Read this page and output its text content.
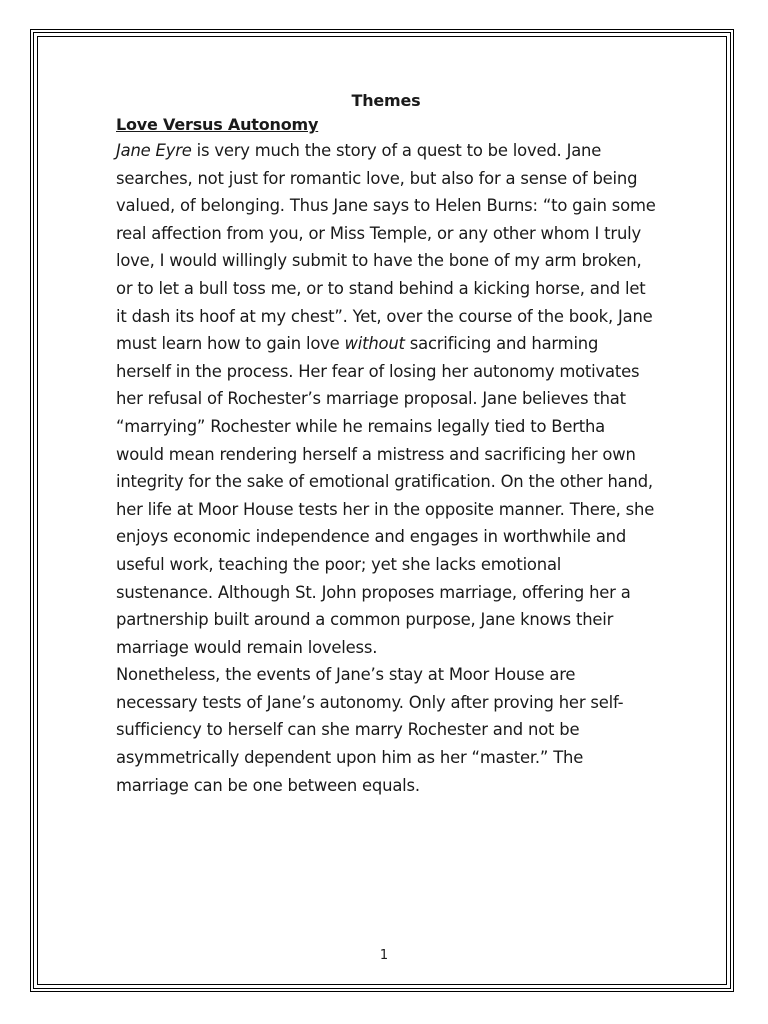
Themes

Love Versus Autonomy

Jane Eyre is very much the story of a quest to be loved. Jane searches, not just for romantic love, but also for a sense of being valued, of belonging. Thus Jane says to Helen Burns: “to gain some real affection from you, or Miss Temple, or any other whom I truly love, I would willingly submit to have the bone of my arm broken, or to let a bull toss me, or to stand behind a kicking horse, and let it dash its hoof at my chest”. Yet, over the course of the book, Jane must learn how to gain love without sacrificing and harming herself in the process. Her fear of losing her autonomy motivates her refusal of Rochester’s marriage proposal. Jane believes that “marrying” Rochester while he remains legally tied to Bertha would mean rendering herself a mistress and sacrificing her own integrity for the sake of emotional gratification. On the other hand, her life at Moor House tests her in the opposite manner. There, she enjoys economic independence and engages in worthwhile and useful work, teaching the poor; yet she lacks emotional sustenance. Although St. John proposes marriage, offering her a partnership built around a common purpose, Jane knows their marriage would remain loveless.

Nonetheless, the events of Jane’s stay at Moor House are necessary tests of Jane’s autonomy. Only after proving her self-sufficiency to herself can she marry Rochester and not be asymmetrically dependent upon him as her “master.” The marriage can be one between equals.

1
